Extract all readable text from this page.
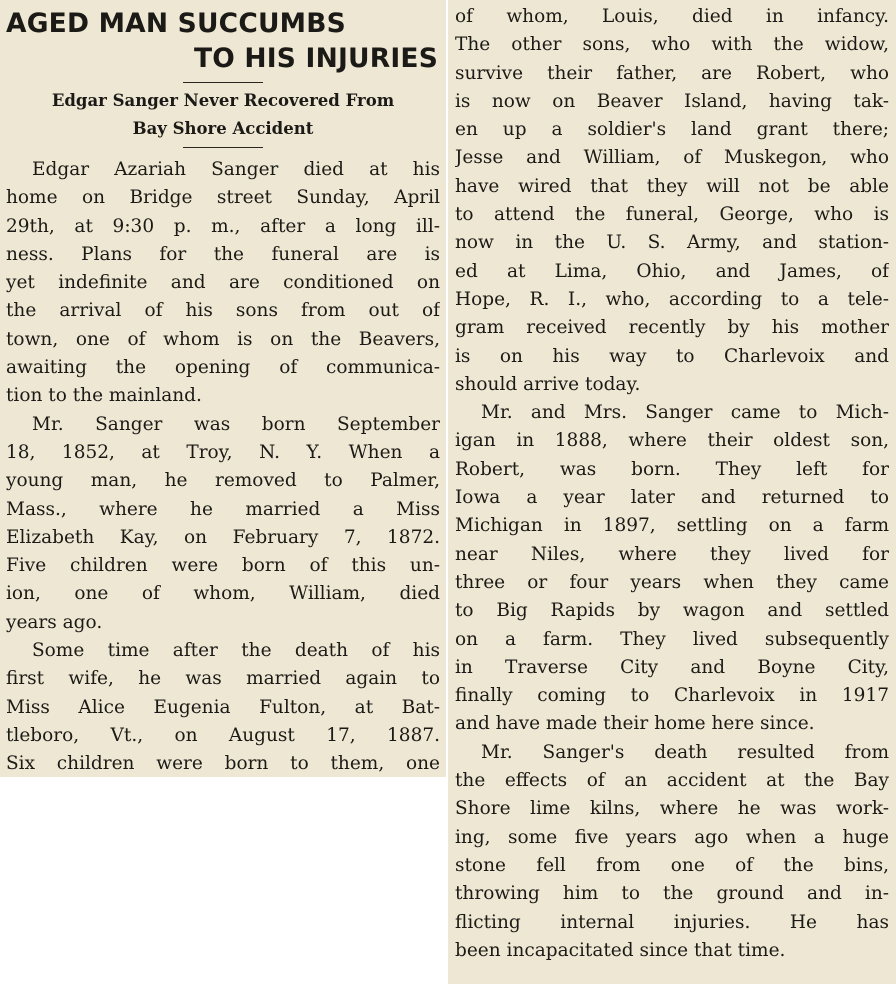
AGED MAN SUCCUMBS
TO HIS INJURIES
Edgar Sanger Never Recovered From
Bay Shore Accident
Edgar Azariah Sanger died at his
home on Bridge street Sunday, April
29th, at 9:30 p. m., after a long ill-
ness. Plans for the funeral are is
yet indefinite and are conditioned on
the arrival of his sons from out of
town, one of whom is on the Beavers,
awaiting the opening of communica-
tion to the mainland.
Mr. Sanger was born September
18, 1852, at Troy, N. Y. When a
young man, he removed to Palmer,
Mass., where he married a Miss
Elizabeth Kay, on February 7, 1872.
Five children were born of this un-
ion, one of whom, William, died
years ago.
Some time after the death of his
first wife, he was married again to
Miss Alice Eugenia Fulton, at Bat-
tleboro, Vt., on August 17, 1887.
Six children were born to them, one
of whom, Louis, died in infancy.
The other sons, who with the widow,
survive their father, are Robert, who
is now on Beaver Island, having tak-
en up a soldier's land grant there;
Jesse and William, of Muskegon, who
have wired that they will not be able
to attend the funeral, George, who is
now in the U. S. Army, and station-
ed at Lima, Ohio, and James, of
Hope, R. I., who, according to a tele-
gram received recently by his mother
is on his way to Charlevoix and
should arrive today.
Mr. and Mrs. Sanger came to Mich-
igan in 1888, where their oldest son,
Robert, was born. They left for
Iowa a year later and returned to
Michigan in 1897, settling on a farm
near Niles, where they lived for
three or four years when they came
to Big Rapids by wagon and settled
on a farm. They lived subsequently
in Traverse City and Boyne City,
finally coming to Charlevoix in 1917
and have made their home here since.
Mr. Sanger's death resulted from
the effects of an accident at the Bay
Shore lime kilns, where he was work-
ing, some five years ago when a huge
stone fell from one of the bins,
throwing him to the ground and in-
flicting internal injuries. He has
been incapacitated since that time.
